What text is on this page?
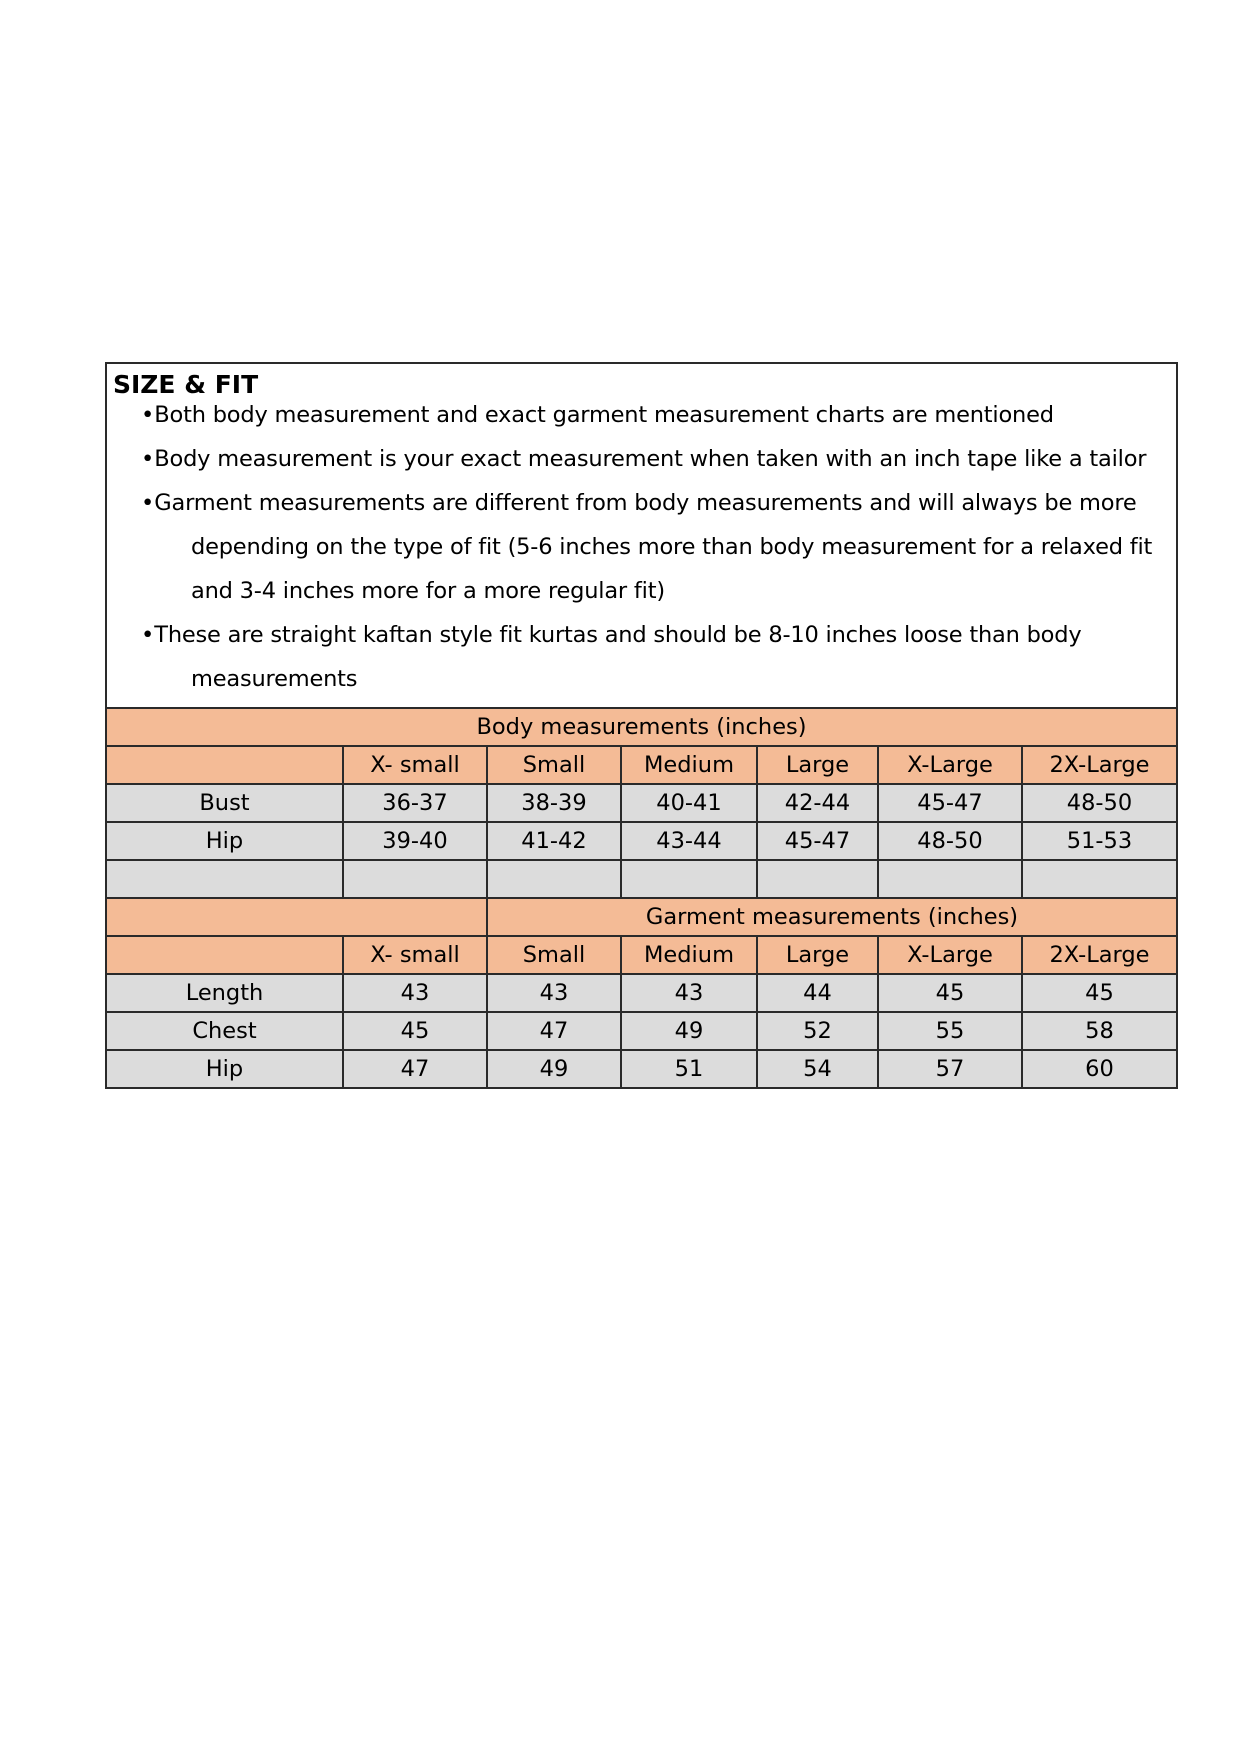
SIZE & FIT
•Both body measurement and exact garment measurement charts are mentioned
•Body measurement is your exact measurement when taken with an inch tape like a tailor
•Garment measurements are different from body measurements and will always be more depending on the type of fit (5-6 inches more than body measurement for a relaxed fit and 3-4 inches more for a more regular fit)
•These are straight kaftan style fit kurtas and should be 8-10 inches loose than body measurements
Body measurements (inches)						
	X- small	Small	Medium	Large	X-Large	2X-Large
Bust	36-37	38-39	40-41	42-44	45-47	48-50
Hip	39-40	41-42	43-44	45-47	48-50	51-53

		Garment measurements (inches)				
	X- small	Small	Medium	Large	X-Large	2X-Large
Length	43	43	43	44	45	45
Chest	45	47	49	52	55	58
Hip	47	49	51	54	57	60
